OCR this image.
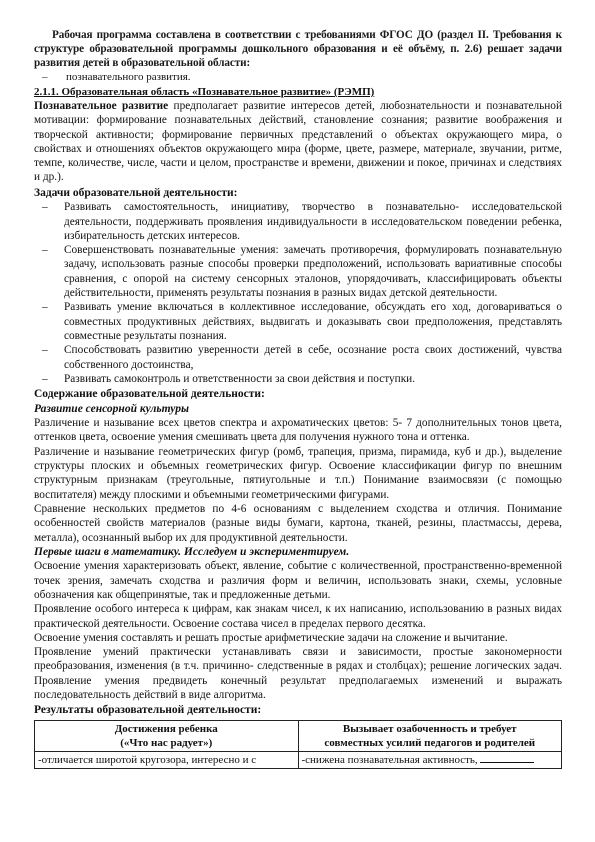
Рабочая программа составлена в соответствии с требованиями ФГОС ДО (раздел II. Требования к структуре образовательной программы дошкольного образования и её объёму, п. 2.6) решает задачи развития детей в образовательной области:

– познавательного развития.

2.1.1. Образовательная область «Познавательное развитие» (РЭМП)

Познавательное развитие предполагает развитие интересов детей, любознательности и познавательной мотивации: формирование познавательных действий, становление сознания; развитие воображения и творческой активности; формирование первичных представлений о объектах окружающего мира, о свойствах и отношениях объектов окружающего мира (форме, цвете, размере, материале, звучании, ритме, темпе, количестве, числе, части и целом, пространстве и времени, движении и покое, причинах и следствиях и др.).

Задачи образовательной деятельности:

– Развивать самостоятельность, инициативу, творчество в познавательно- исследовательской деятельности, поддерживать проявления индивидуальности в исследовательском поведении ребенка, избирательность детских интересов.
– Совершенствовать познавательные умения: замечать противоречия, формулировать познавательную задачу, использовать разные способы проверки предположений, использовать вариативные способы сравнения, с опорой на систему сенсорных эталонов, упорядочивать, классифицировать объекты действительности, применять результаты познания в разных видах детской деятельности.
– Развивать умение включаться в коллективное исследование, обсуждать его ход, договариваться о совместных продуктивных действиях, выдвигать и доказывать свои предположения, представлять совместные результаты познания.
– Способствовать развитию уверенности детей в себе, осознание роста своих достижений, чувства собственного достоинства,
– Развивать самоконтроль и ответственности за свои действия и поступки.

Содержание образовательной деятельности:

Развитие сенсорной культуры

Различение и называние всех цветов спектра и ахроматических цветов: 5- 7 дополнительных тонов цвета, оттенков цвета, освоение умения смешивать цвета для получения нужного тона и оттенка.

Различение и называние геометрических фигур (ромб, трапеция, призма, пирамида, куб и др.), выделение структуры плоских и объемных геометрических фигур. Освоение классификации фигур по внешним структурным признакам (треугольные, пятиугольные и т.п.) Понимание взаимосвязи (с помощью воспитателя) между плоскими и объемными геометрическими фигурами.

Сравнение нескольких предметов по 4-6 основаниям с выделением сходства и отличия. Понимание особенностей свойств материалов (разные виды бумаги, картона, тканей, резины, пластмассы, дерева, металла), осознанный выбор их для продуктивной деятельности.

Первые шаги в математику. Исследуем и экспериментируем.

Освоение умения характеризовать объект, явление, событие с количественной, пространственно-временной точек зрения, замечать сходства и различия форм и величин, использовать знаки, схемы, условные обозначения как общепринятые, так и предложенные детьми.

Проявление особого интереса к цифрам, как знакам чисел, к их написанию, использованию в разных видах практической деятельности. Освоение состава чисел в пределах первого десятка.

Освоение умения составлять и решать простые арифметические задачи на сложение и вычитание.

Проявление умений практически устанавливать связи и зависимости, простые закономерности преобразования, изменения (в т.ч. причинно- следственные в рядах и столбцах); решение логических задач. Проявление умения предвидеть конечный результат предполагаемых изменений и выражать последовательность действий в виде алгоритма.

Результаты образовательной деятельности:

Достижения ребенка
(«Что нас радует»)	Вызывает озабоченность и требует
совместных усилий педагогов и родителей

-отличается широтой кругозора, интересно и с	-снижена познавательная активность,
